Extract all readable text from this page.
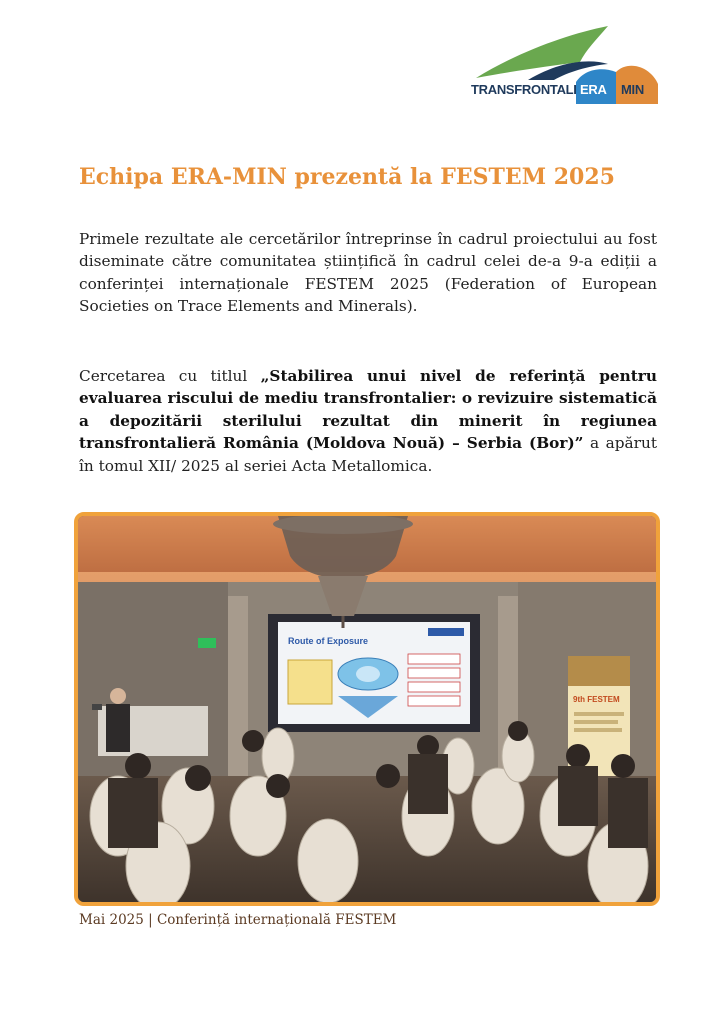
TRANSFRONTALI ERA MIN
Echipa ERA-MIN prezentă la FESTEM 2025

Primele rezultate ale cercetărilor întreprinse în cadrul proiectului au fost diseminate către comunitatea științifică în cadrul celei de-a 9-a ediții a conferinței internaționale FESTEM 2025 (Federation of European Societies on Trace Elements and Minerals).

Cercetarea cu titlul „Stabilirea unui nivel de referință pentru evaluarea riscului de mediu transfrontalier: o revizuire sistematică a depozitării sterilului rezultat din minerit în regiunea transfrontalieră România (Moldova Nouă) – Serbia (Bor)” a apărut în tomul XII/ 2025 al seriei Acta Metallomica.

Route of Exposure
9th FESTEM
Mai 2025 | Conferință internațională FESTEM
